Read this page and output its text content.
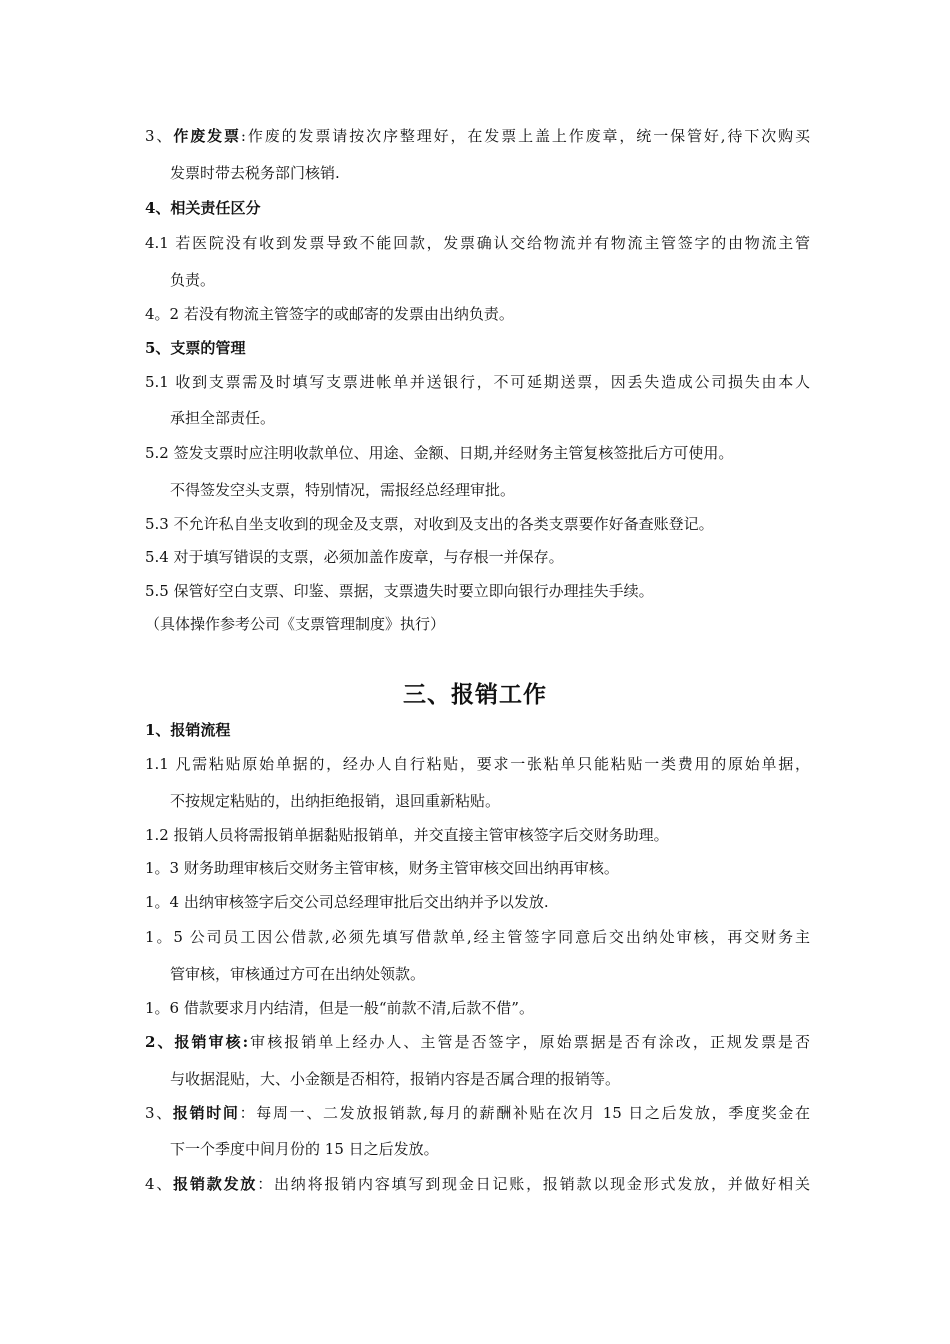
3、作废发票:作废的发票请按次序整理好，在发票上盖上作废章，统一保管好,待下次购买
发票时带去税务部门核销.
4、相关责任区分
4.1 若医院没有收到发票导致不能回款，发票确认交给物流并有物流主管签字的由物流主管
负责。
4。2 若没有物流主管签字的或邮寄的发票由出纳负责。
5、支票的管理
5.1 收到支票需及时填写支票进帐单并送银行，不可延期送票，因丢失造成公司损失由本人
承担全部责任。
5.2 签发支票时应注明收款单位、用途、金额、日期,并经财务主管复核签批后方可使用。
不得签发空头支票，特别情况，需报经总经理审批。
5.3 不允许私自坐支收到的现金及支票，对收到及支出的各类支票要作好备查账登记。
5.4 对于填写错误的支票，必须加盖作废章，与存根一并保存。
5.5 保管好空白支票、印鉴、票据，支票遗失时要立即向银行办理挂失手续。
（具体操作参考公司《支票管理制度》执行）
三、报销工作
1、报销流程
1.1 凡需粘贴原始单据的，经办人自行粘贴，要求一张粘单只能粘贴一类费用的原始单据，
不按规定粘贴的，出纳拒绝报销，退回重新粘贴。
1.2 报销人员将需报销单据黏贴报销单，并交直接主管审核签字后交财务助理。
1。3 财务助理审核后交财务主管审核，财务主管审核交回出纳再审核。
1。4 出纳审核签字后交公司总经理审批后交出纳并予以发放.
1。5 公司员工因公借款,必须先填写借款单,经主管签字同意后交出纳处审核，再交财务主
管审核，审核通过方可在出纳处领款。
1。6 借款要求月内结清，但是一般“前款不清,后款不借”。
2、报销审核:审核报销单上经办人、主管是否签字，原始票据是否有涂改，正规发票是否
与收据混贴，大、小金额是否相符，报销内容是否属合理的报销等。
3、报销时间：每周一、二发放报销款,每月的薪酬补贴在次月 15 日之后发放，季度奖金在
下一个季度中间月份的 15 日之后发放。
4、报销款发放：出纳将报销内容填写到现金日记账，报销款以现金形式发放，并做好相关
